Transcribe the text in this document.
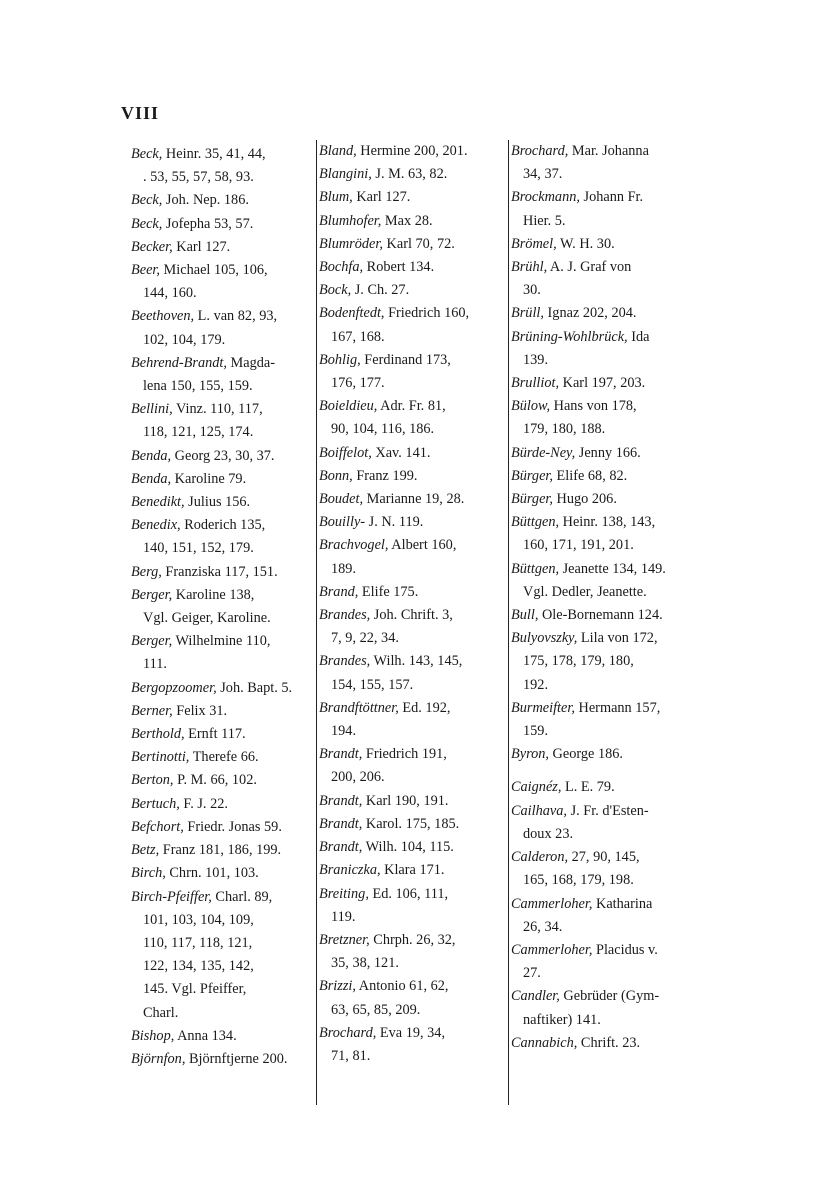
VIII
Beck, Heinr. 35, 41, 44,
. 53, 55, 57, 58, 93.
Beck, Joh. Nep. 186.
Beck, Jofepha 53, 57.
Becker, Karl 127.
Beer, Michael 105, 106,
144, 160.
Beethoven, L. van 82, 93,
102, 104, 179.
Behrend-Brandt, Magda-
lena 150, 155, 159.
Bellini, Vinz. 110, 117,
118, 121, 125, 174.
Benda, Georg 23, 30, 37.
Benda, Karoline 79.
Benedikt, Julius 156.
Benedix, Roderich 135,
140, 151, 152, 179.
Berg, Franziska 117, 151.
Berger, Karoline 138,
Vgl. Geiger, Karoline.
Berger, Wilhelmine 110,
111.
Bergopzoomer, Joh. Bapt. 5.
Berner, Felix 31.
Berthold, Ernft 117.
Bertinotti, Therefe 66.
Berton, P. M. 66, 102.
Bertuch, F. J. 22.
Befchort, Friedr. Jonas 59.
Betz, Franz 181, 186, 199.
Birch, Chrn. 101, 103.
Birch-Pfeiffer, Charl. 89,
101, 103, 104, 109,
110, 117, 118, 121,
122, 134, 135, 142,
145. Vgl. Pfeiffer,
Charl.
Bishop, Anna 134.
Björnfon, Björnftjerne 200.
Bland, Hermine 200, 201.
Blangini, J. M. 63, 82.
Blum, Karl 127.
Blumhofer, Max 28.
Blumröder, Karl 70, 72.
Bochfa, Robert 134.
Bock, J. Ch. 27.
Bodenftedt, Friedrich 160,
167, 168.
Bohlig, Ferdinand 173,
176, 177.
Boieldieu, Adr. Fr. 81,
90, 104, 116, 186.
Boiffelot, Xav. 141.
Bonn, Franz 199.
Boudet, Marianne 19, 28.
Bouilly- J. N. 119.
Brachvogel, Albert 160,
189.
Brand, Elife 175.
Brandes, Joh. Chrift. 3,
7, 9, 22, 34.
Brandes, Wilh. 143, 145,
154, 155, 157.
Brandftöttner, Ed. 192,
194.
Brandt, Friedrich 191,
200, 206.
Brandt, Karl 190, 191.
Brandt, Karol. 175, 185.
Brandt, Wilh. 104, 115.
Braniczka, Klara 171.
Breiting, Ed. 106, 111,
119.
Bretzner, Chrph. 26, 32,
35, 38, 121.
Brizzi, Antonio 61, 62,
63, 65, 85, 209.
Brochard, Eva 19, 34,
71, 81.
Brochard, Mar. Johanna
34, 37.
Brockmann, Johann Fr.
Hier. 5.
Brömel, W. H. 30.
Brühl, A. J. Graf von
30.
Brüll, Ignaz 202, 204.
Brüning-Wohlbrück, Ida
139.
Brulliot, Karl 197, 203.
Bülow, Hans von 178,
179, 180, 188.
Bürde-Ney, Jenny 166.
Bürger, Elife 68, 82.
Bürger, Hugo 206.
Büttgen, Heinr. 138, 143,
160, 171, 191, 201.
Büttgen, Jeanette 134, 149.
Vgl. Dedler, Jeanette.
Bull, Ole-Bornemann 124.
Bulyovszky, Lila von 172,
175, 178, 179, 180,
192.
Burmeifter, Hermann 157,
159.
Byron, George 186.
Caignéz, L. E. 79.
Cailhava, J. Fr. d'Esten-
doux 23.
Calderon, 27, 90, 145,
165, 168, 179, 198.
Cammerloher, Katharina
26, 34.
Cammerloher, Placidus v.
27.
Candler, Gebrüder (Gym-
naftiker) 141.
Cannabich, Chrift. 23.
